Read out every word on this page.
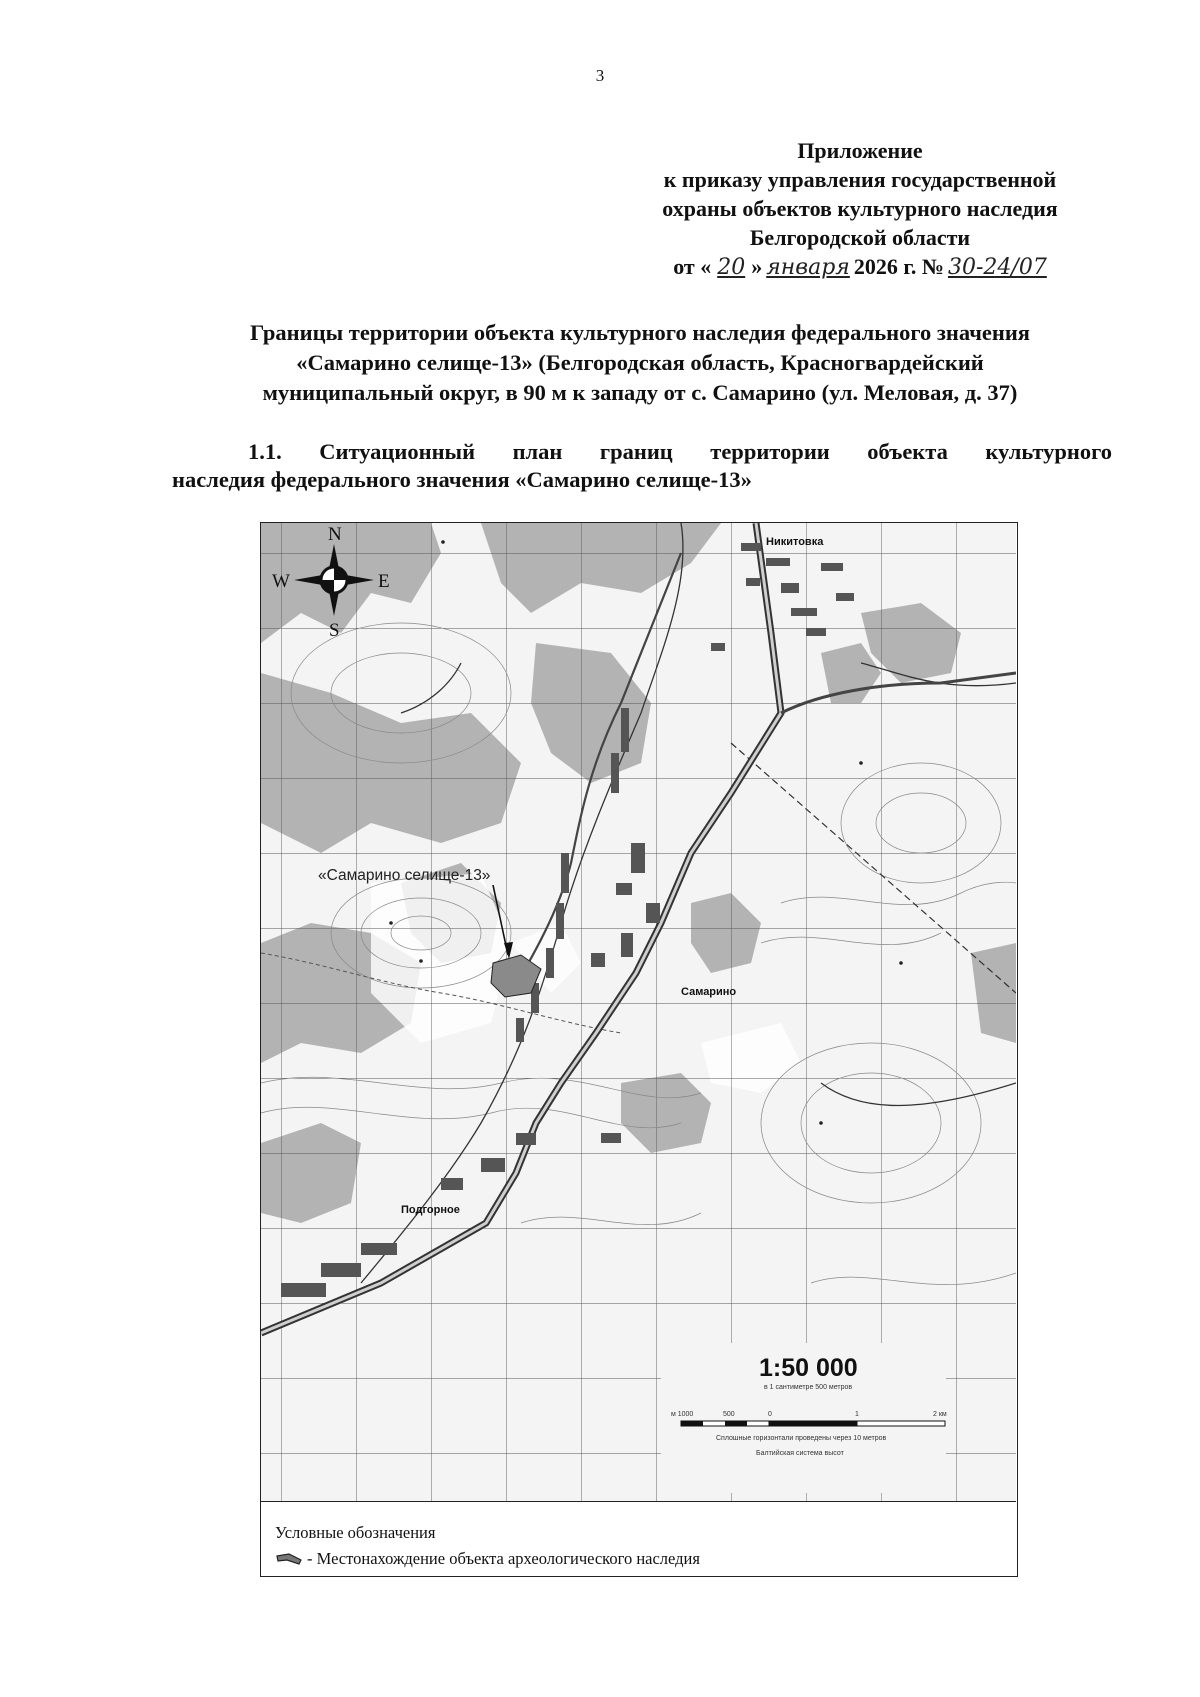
3
Приложение
к приказу управления государственной
охраны объектов культурного наследия
Белгородской области
от « 20 » января 2026 г. № 30-24/07
Границы территории объекта культурного наследия федерального значения
«Самарино селище-13» (Белгородская область, Красногвардейский
муниципальный округ, в 90 м к западу от с. Самарино (ул. Меловая, д. 37)
1.1. Ситуационный план границ территории объекта культурного
наследия федерального значения «Самарино селище-13»
«Самарино селище-13»
Никитовка
Самарино
Подгорное
N
S
W	E
1:50 000
в 1 сантиметре 500 метров
м 1000	500	0	1	2 км
Сплошные горизонтали проведены через 10 метров
Балтийская система высот
Условные обозначения
- Местонахождение объекта археологического наследия
